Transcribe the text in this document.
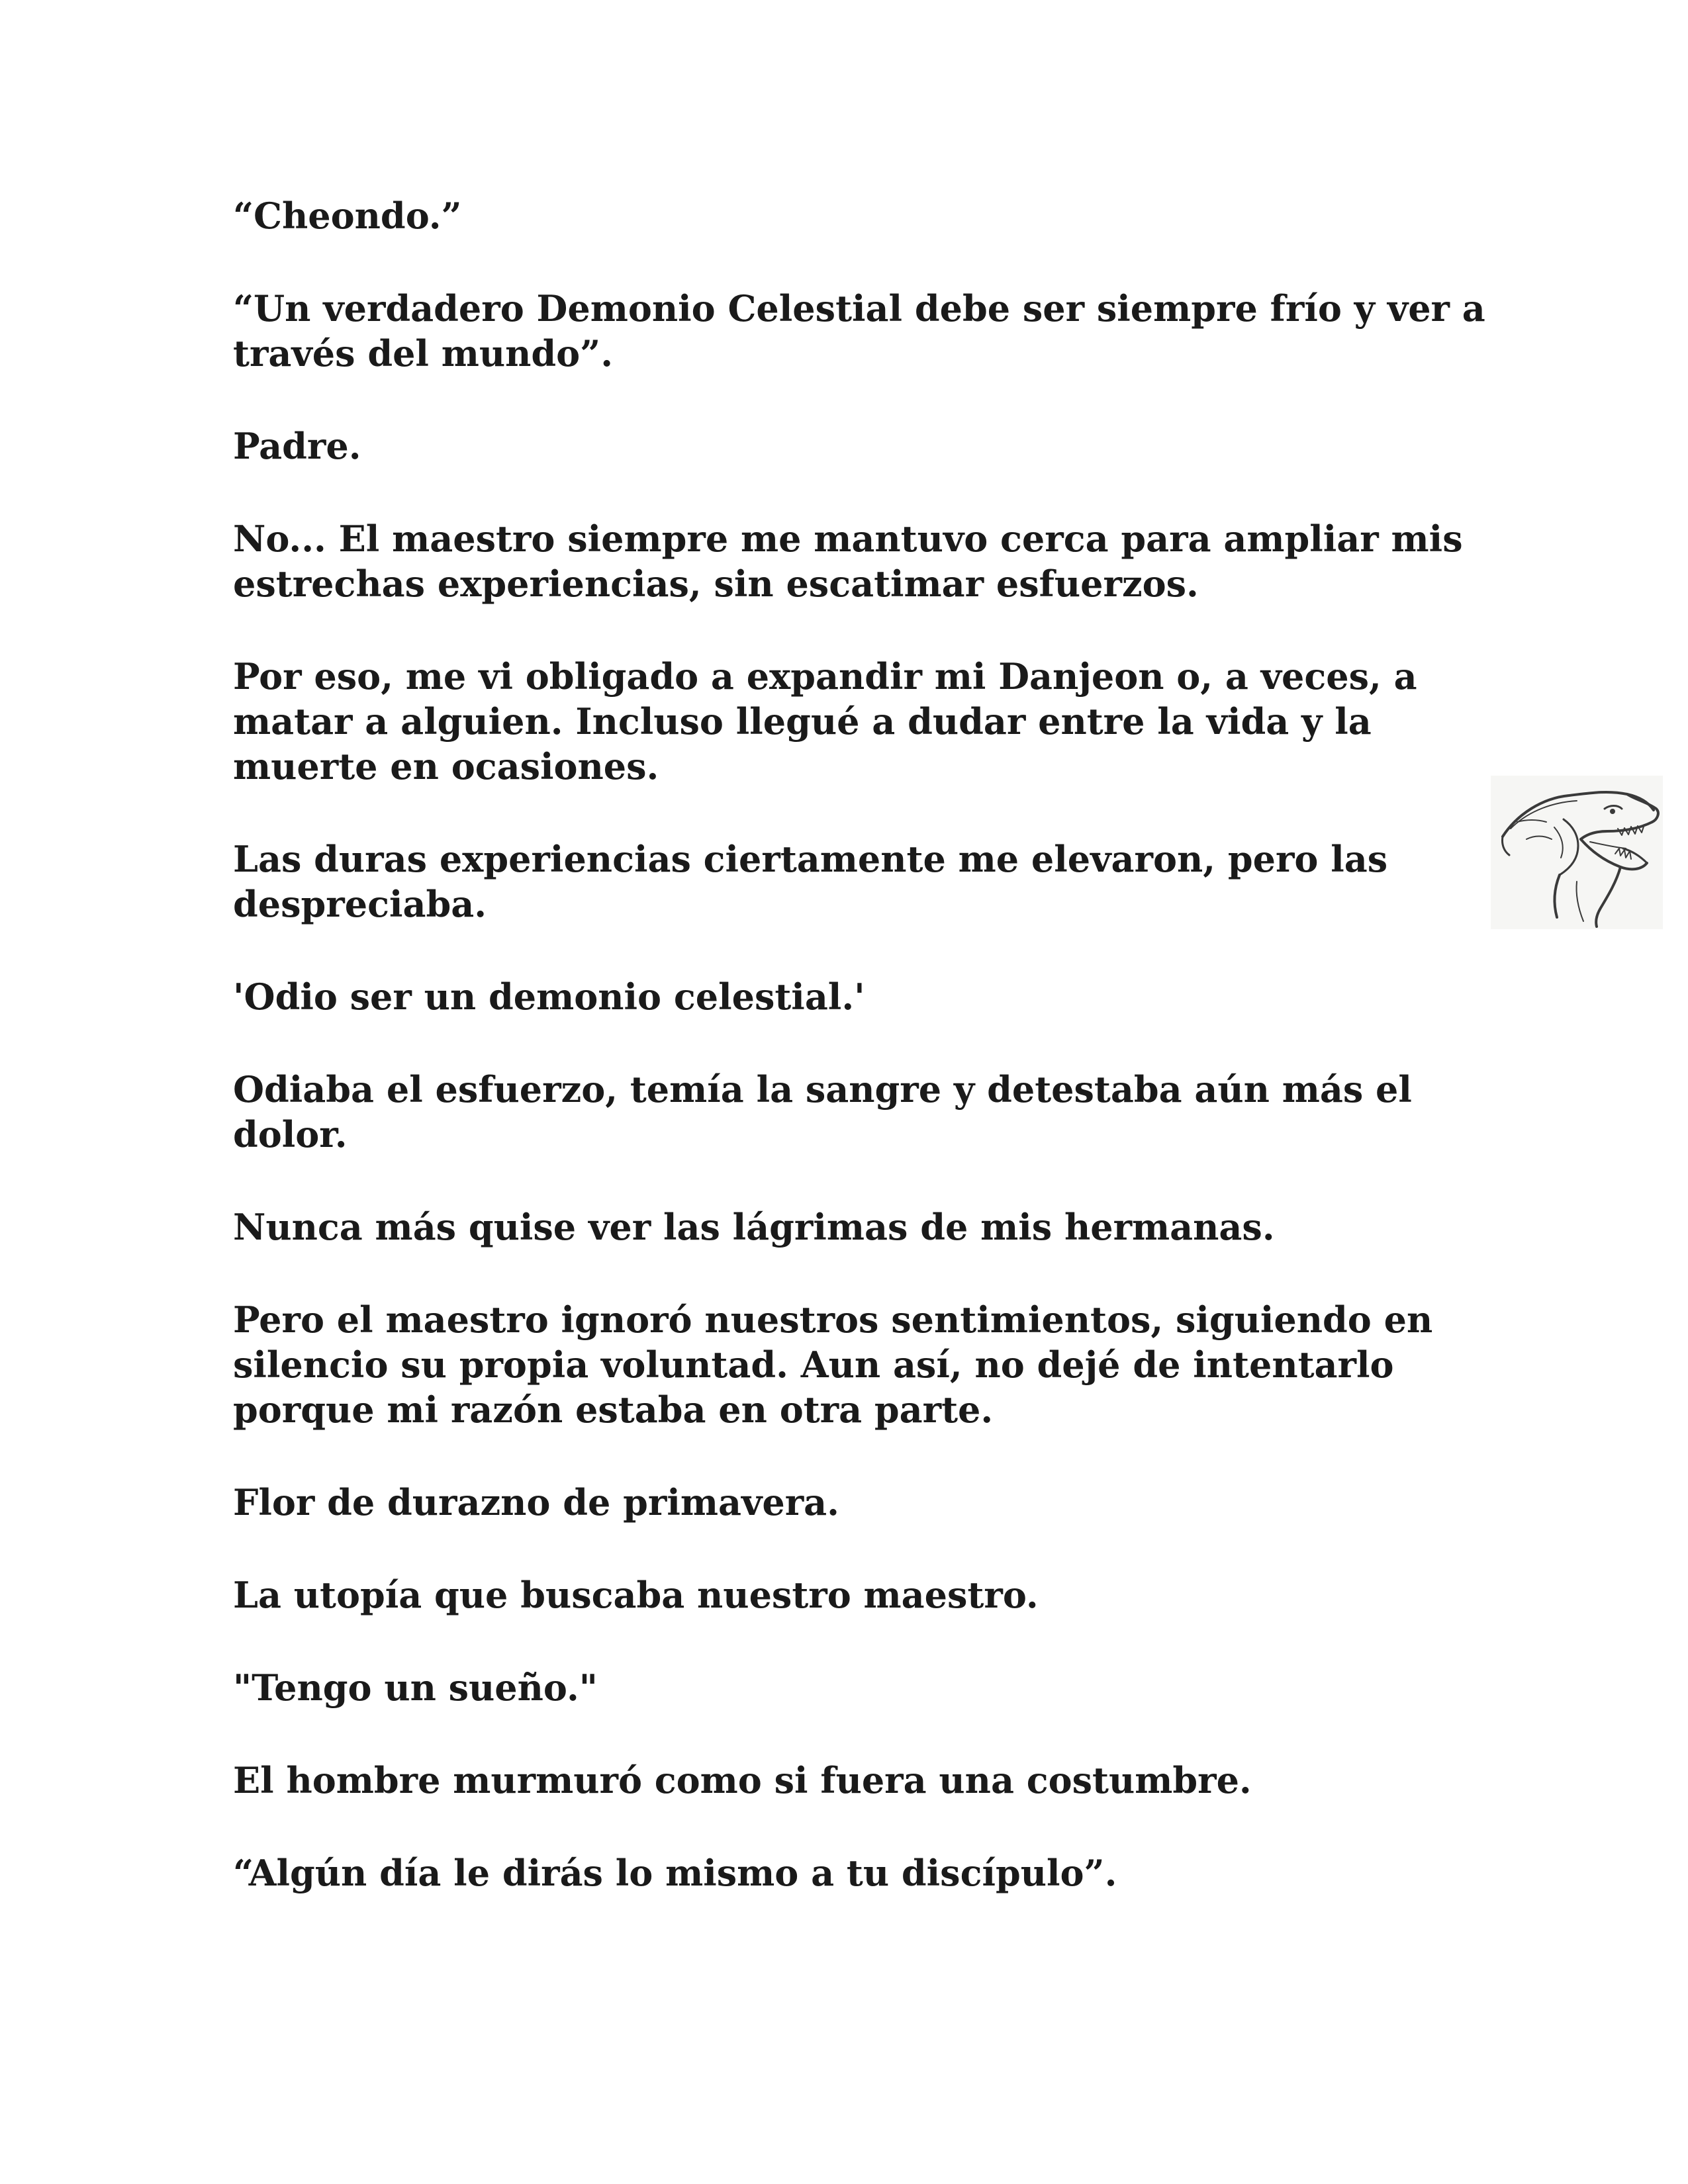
“Cheondo.”

“Un verdadero Demonio Celestial debe ser siempre frío y ver a través del mundo”.

Padre.

No... El maestro siempre me mantuvo cerca para ampliar mis estrechas experiencias, sin escatimar esfuerzos.

Por eso, me vi obligado a expandir mi Danjeon o, a veces, a matar a alguien. Incluso llegué a dudar entre la vida y la muerte en ocasiones.

Las duras experiencias ciertamente me elevaron, pero las despreciaba.

'Odio ser un demonio celestial.'

Odiaba el esfuerzo, temía la sangre y detestaba aún más el dolor.

Nunca más quise ver las lágrimas de mis hermanas.

Pero el maestro ignoró nuestros sentimientos, siguiendo en silencio su propia voluntad. Aun así, no dejé de intentarlo porque mi razón estaba en otra parte.

Flor de durazno de primavera.

La utopía que buscaba nuestro maestro.

"Tengo un sueño."

El hombre murmuró como si fuera una costumbre.

“Algún día le dirás lo mismo a tu discípulo”.
